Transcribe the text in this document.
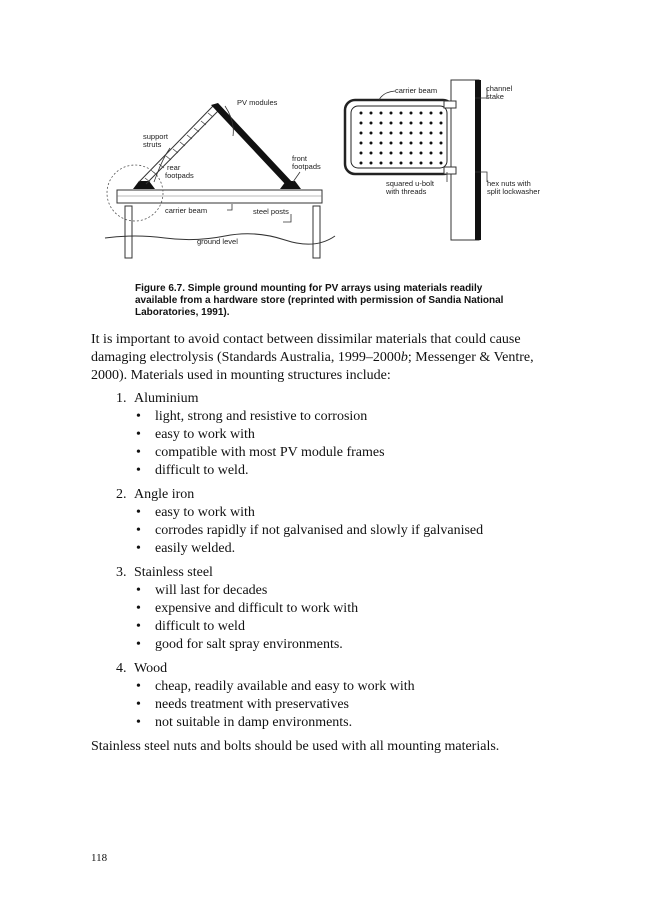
PV modules
support
struts
rear
footpads
front
footpads
carrier beam	steel posts
ground level
carrier beam	channel
stake
squared u-bolt
with threads
hex nuts with
split lockwasher
Figure 6.7. Simple ground mounting for PV arrays using materials readily
available from a hardware store (reprinted with permission of Sandia National
Laboratories, 1991).
It is important to avoid contact between dissimilar materials that could cause
damaging electrolysis (Standards Australia, 1999–2000b; Messenger & Ventre,
2000). Materials used in mounting structures include:
1. Aluminium
• light, strong and resistive to corrosion
• easy to work with
• compatible with most PV module frames
• difficult to weld.
2. Angle iron
• easy to work with
• corrodes rapidly if not galvanised and slowly if galvanised
• easily welded.
3. Stainless steel
• will last for decades
• expensive and difficult to work with
• difficult to weld
• good for salt spray environments.
4. Wood
• cheap, readily available and easy to work with
• needs treatment with preservatives
• not suitable in damp environments.
Stainless steel nuts and bolts should be used with all mounting materials.
118
